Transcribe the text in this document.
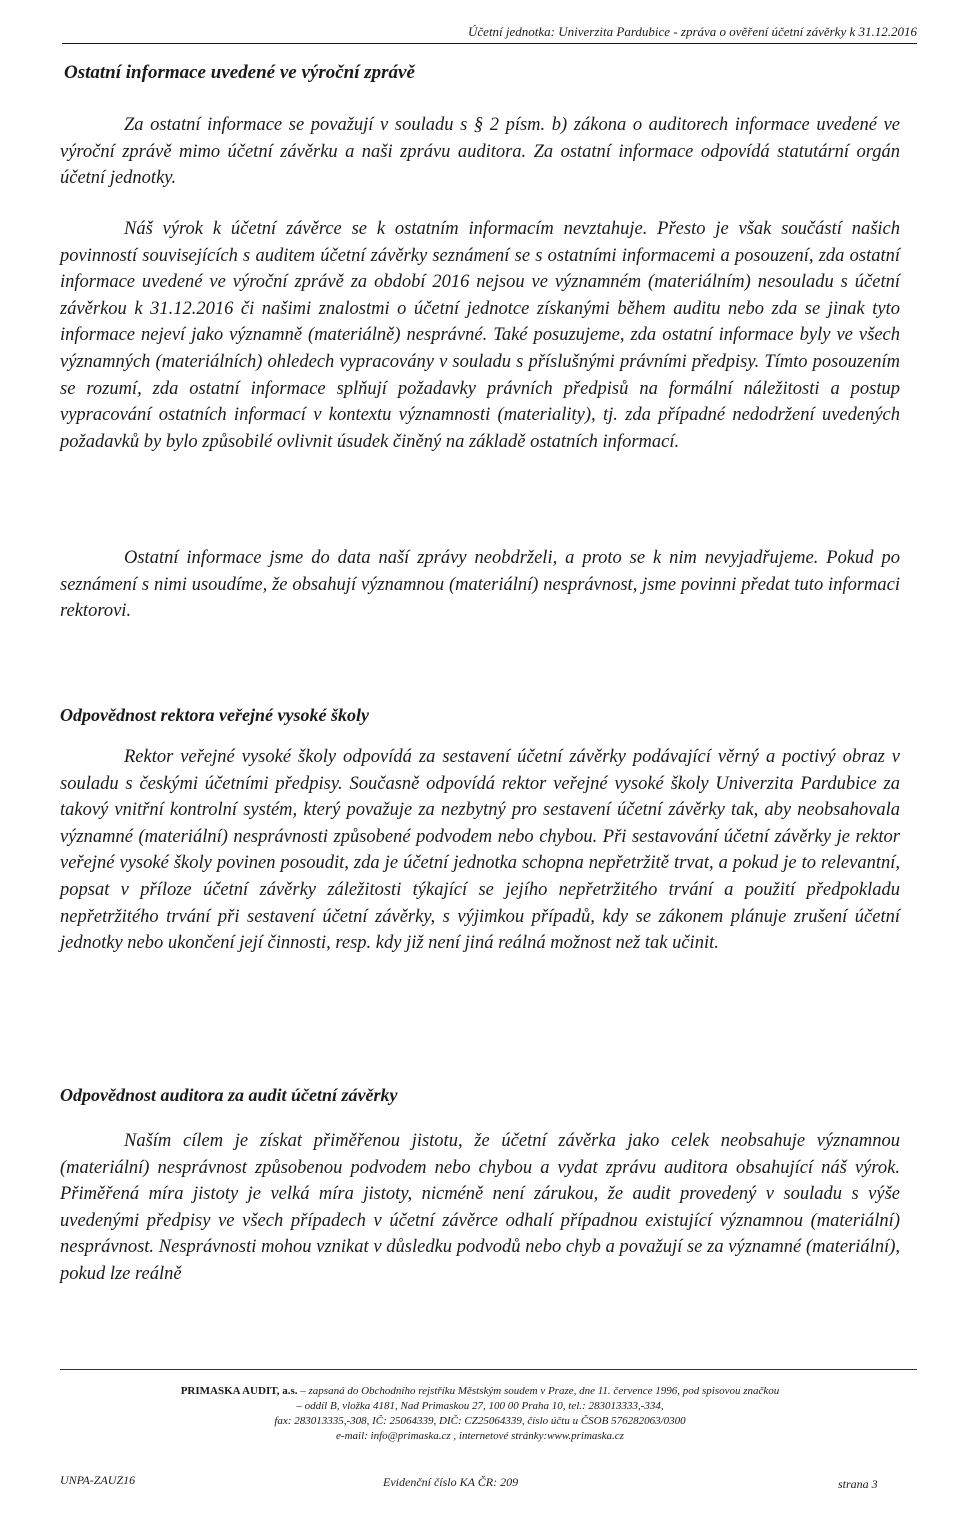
Účetní jednotka: Univerzita Pardubice - zpráva o ověření účetní závěrky k 31.12.2016
Ostatní informace uvedené ve výroční zprávě

Za ostatní informace se považují v souladu s § 2 písm. b) zákona o auditorech informace uvedené ve výroční zprávě mimo účetní závěrku a naši zprávu auditora. Za ostatní informace odpovídá statutární orgán účetní jednotky.

Náš výrok k účetní závěrce se k ostatním informacím nevztahuje. Přesto je však součástí našich povinností souvisejících s auditem účetní závěrky seznámení se s ostatními informacemi a posouzení, zda ostatní informace uvedené ve výroční zprávě za období 2016 nejsou ve významném (materiálním) nesouladu s účetní závěrkou k 31.12.2016 či našimi znalostmi o účetní jednotce získanými během auditu nebo zda se jinak tyto informace nejeví jako významně (materiálně) nesprávné. Také posuzujeme, zda ostatní informace byly ve všech významných (materiálních) ohledech vypracovány v souladu s příslušnými právními předpisy. Tímto posouzením se rozumí, zda ostatní informace splňují požadavky právních předpisů na formální náležitosti a postup vypracování ostatních informací v kontextu významnosti (materiality), tj. zda případné nedodržení uvedených požadavků by bylo způsobilé ovlivnit úsudek činěný na základě ostatních informací.

Ostatní informace jsme do data naší zprávy neobdrželi, a proto se k nim nevyjadřujeme. Pokud po seznámení s nimi usoudíme, že obsahují významnou (materiální) nesprávnost, jsme povinni předat tuto informaci rektorovi.

Odpovědnost rektora veřejné vysoké školy

Rektor veřejné vysoké školy odpovídá za sestavení účetní závěrky podávající věrný a poctivý obraz v souladu s českými účetními předpisy. Současně odpovídá rektor veřejné vysoké školy Univerzita Pardubice za takový vnitřní kontrolní systém, který považuje za nezbytný pro sestavení účetní závěrky tak, aby neobsahovala významné (materiální) nesprávnosti způsobené podvodem nebo chybou. Při sestavování účetní závěrky je rektor veřejné vysoké školy povinen posoudit, zda je účetní jednotka schopna nepřetržitě trvat, a pokud je to relevantní, popsat v příloze účetní závěrky záležitosti týkající se jejího nepřetržitého trvání a použití předpokladu nepřetržitého trvání při sestavení účetní závěrky, s výjimkou případů, kdy se zákonem plánuje zrušení účetní jednotky nebo ukončení její činnosti, resp. kdy již není jiná reálná možnost než tak učinit.

Odpovědnost auditora za audit účetní závěrky

Naším cílem je získat přiměřenou jistotu, že účetní závěrka jako celek neobsahuje významnou (materiální) nesprávnost způsobenou podvodem nebo chybou a vydat zprávu auditora obsahující náš výrok. Přiměřená míra jistoty je velká míra jistoty, nicméně není zárukou, že audit provedený v souladu s výše uvedenými předpisy ve všech případech v účetní závěrce odhalí případnou existující významnou (materiální) nesprávnost. Nesprávnosti mohou vznikat v důsledku podvodů nebo chyb a považují se za významné (materiální), pokud lze reálně

PRIMASKA AUDIT, a.s. – zapsaná do Obchodního rejstříku Městským soudem v Praze, dne 11. července 1996, pod spisovou značkou
– oddíl B, vložka 4181, Nad Primaskou 27, 100 00 Praha 10, tel.: 283013333,-334,
fax: 283013335,-308, IČ: 25064339, DIČ: CZ25064339, číslo účtu u ČSOB 576282063/0300
e-mail: info@primaska.cz , internetové stránky:www.primaska.cz
UNPA-ZAUZ16	Evidenční číslo KA ČR: 209	strana 3
